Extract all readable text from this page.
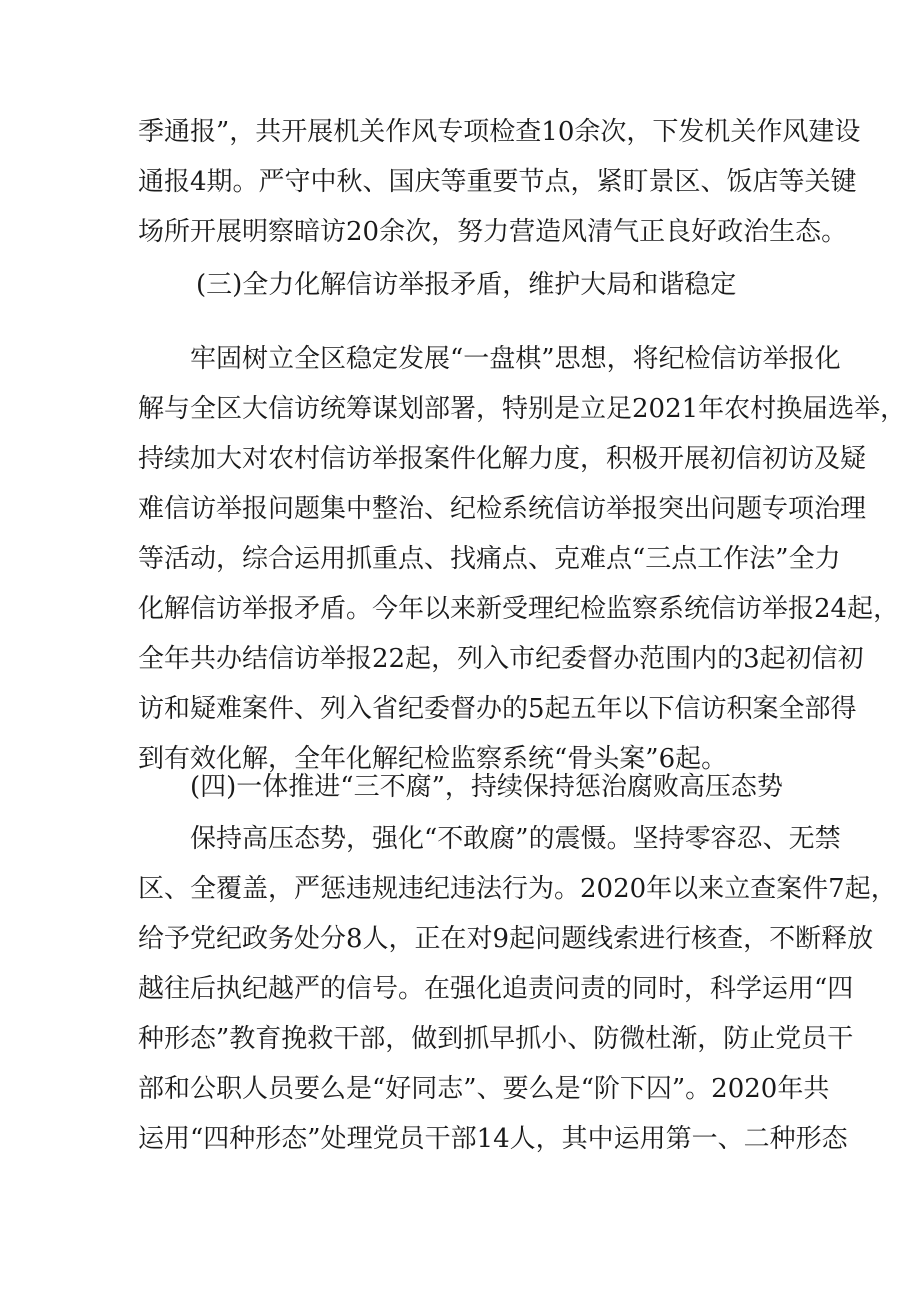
季通报”，共开展机关作风专项检查10余次，下发机关作风建设
通报4期。严守中秋、国庆等重要节点，紧盯景区、饭店等关键
场所开展明察暗访20余次，努力营造风清气正良好政治生态。
(三)全力化解信访举报矛盾，维护大局和谐稳定
牢固树立全区稳定发展“一盘棋”思想，将纪检信访举报化
解与全区大信访统筹谋划部署，特别是立足2021年农村换届选举，
持续加大对农村信访举报案件化解力度，积极开展初信初访及疑
难信访举报问题集中整治、纪检系统信访举报突出问题专项治理
等活动，综合运用抓重点、找痛点、克难点“三点工作法”全力
化解信访举报矛盾。今年以来新受理纪检监察系统信访举报24起，
全年共办结信访举报22起，列入市纪委督办范围内的3起初信初
访和疑难案件、列入省纪委督办的5起五年以下信访积案全部得
到有效化解，全年化解纪检监察系统“骨头案”6起。
(四)一体推进“三不腐”，持续保持惩治腐败高压态势
保持高压态势，强化“不敢腐”的震慑。坚持零容忍、无禁
区、全覆盖，严惩违规违纪违法行为。2020年以来立查案件7起，
给予党纪政务处分8人，正在对9起问题线索进行核查，不断释放
越往后执纪越严的信号。在强化追责问责的同时，科学运用“四
种形态”教育挽救干部，做到抓早抓小、防微杜渐，防止党员干
部和公职人员要么是“好同志”、要么是“阶下囚”。2020年共
运用“四种形态”处理党员干部14人，其中运用第一、二种形态
